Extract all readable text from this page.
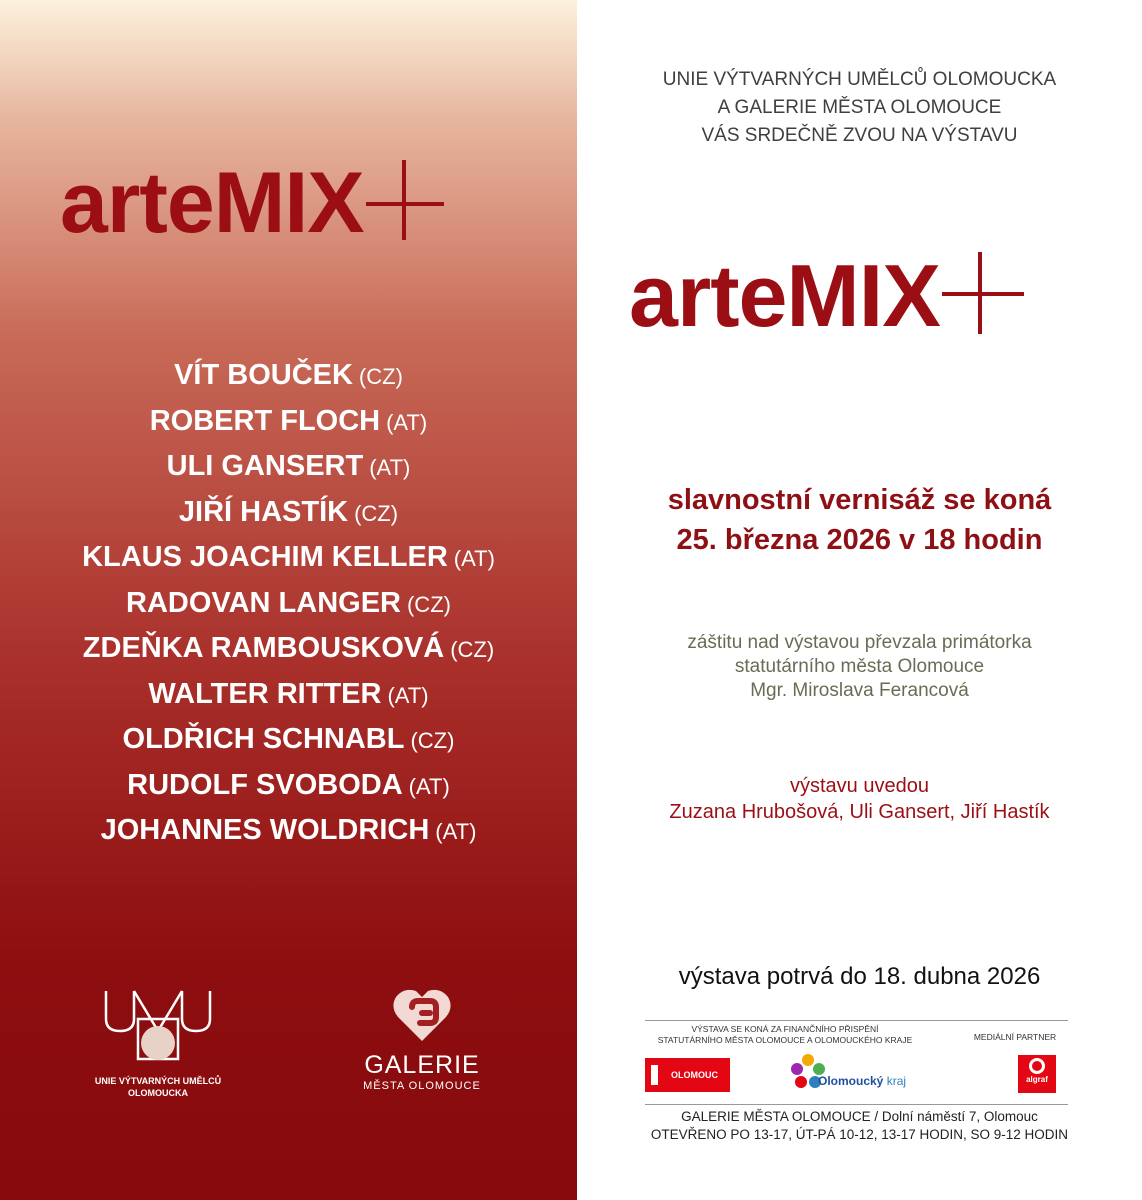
arteMIX
VÍT BOUČEK (CZ)
ROBERT FLOCH (AT)
ULI GANSERT (AT)
JIŘÍ HASTÍK (CZ)
KLAUS JOACHIM KELLER (AT)
RADOVAN LANGER (CZ)
ZDEŇKA RAMBOUSKOVÁ (CZ)
WALTER RITTER (AT)
OLDŘICH SCHNABL (CZ)
RUDOLF SVOBODA (AT)
JOHANNES WOLDRICH (AT)
UNIE VÝTVARNÝCH UMĚLCŮ
OLOMOUCKA
GALERIE
MĚSTA OLOMOUCE
UNIE VÝTVARNÝCH UMĚLCŮ OLOMOUCKA
A GALERIE MĚSTA OLOMOUCE
VÁS SRDEČNĚ ZVOU NA VÝSTAVU
arteMIX
slavnostní vernisáž se koná
25. března 2026 v 18 hodin
záštitu nad výstavou převzala primátorka
statutárního města Olomouce
Mgr. Miroslava Ferancová
výstavu uvedou
Zuzana Hrubošová, Uli Gansert, Jiří Hastík
výstava potrvá do 18. dubna 2026
VÝSTAVA SE KONÁ ZA FINANČNÍHO PŘISPĚNÍ
STATUTÁRNÍHO MĚSTA OLOMOUCE A OLOMOUCKÉHO KRAJE	MEDIÁLNÍ PARTNER
OLOMOUC	Olomoucký kraj	algraf
GALERIE MĚSTA OLOMOUCE / Dolní náměstí 7, Olomouc
OTEVŘENO PO 13-17, ÚT-PÁ 10-12, 13-17 HODIN, SO 9-12 HODIN
